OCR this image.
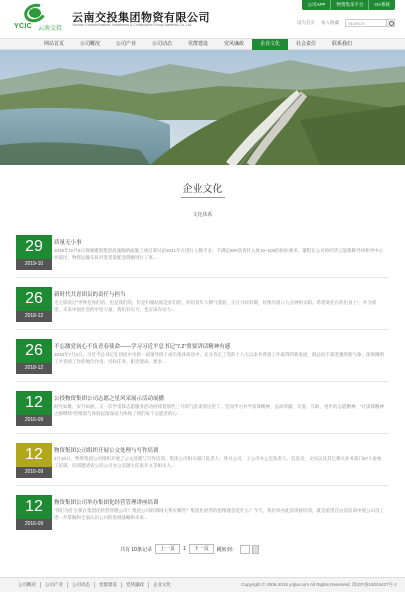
YCIC 云南交投
云南交投集团物资有限公司
Yunnan Communications Investment & Construction Group Materials Co.,Ltd.
公司APP	物资集采平台	OA系统
设为首页 加入收藏	SEARCH
网站首页	公司概况	公司产业	公司动态	党群建设	党风廉政	企业文化	社会责任	联系我们
企业文化
文化体系
29
2019-10
质量无小事
2019年10月8日滇缅建筑集团高速路路面施工项目部讨论2021年在进行人数不多，不满足90#沥青针入度10~100的指标要求，董程在公司协同华云道保障导体和导中心并提出，物资运输车队对发货发配送资额进行了查...
26
2018-12
新时代共青团员的责任与担当
毛主席说过“世界是你们的，也是我们的，但是归根结底是你们的。你们青年人朝气蓬勃，正在兴旺时期，好像早晨八九点钟的太阳。希望寄托在你们身上”，作为希望，未来中国社会的中坚力量，我们有压力，也应该有动力...
26
2018-12
不忘激党初心不负青春使命——学习习近平总书记“7.2”重要讲话精神有感
2018年7月2日，习近平总书记在同团中央新一届领导班子成员集体谈话中，充分肯定了党的十八大以来共青团工作取得的新发展，既总结千部坚强的新气象；深刻阐明了共青团工作的地位作用、目标任务、职责使命、要求...
12
2016-09
公投物资集团公司志愿之星风采展示活动展播
时光如歌，岁月如流，又一次学雷锋志愿服务活动持续着那些三月的气息来到这里了。坚而学习并学雷锋精神，弘扬奉献、友爱、互助、进步的志愿精神，“让雷锋精神之路继续”的集情与体验起深深动力体现了我们每个志愿者的心...
12
2016-09
物资集团公司组织开展公文处理与写作培训
3月10日，物资集团公司组织开展了公文处理与写作培训。集团公司相关部门负责人、各分公司、子公司办公室负责人、信息员、文员以及其它相关业务部门87人参加了培训。培训邀请省公投公司办公室副主任张开文等相关人...
12
2016-09
物资集团公司举办集团化经营管理讲座培训
“我们为什么要在集团化经营管理公司？集团公司的领域关系有哪些？集团化经营的思维理念是什么？今天，我们举办此次讲座培训，就是希望在这次培训中使公司员工进一步掌握和全面认识公司的发展战略和未来...
共有 10条记录	上一页	1	下一页	跳转到：
公司概况	公司产业	公司动态	党群建设	党风廉政	企业文化	Copyright © 2006-2018 ynjtw.com All Rights Reserved. 滇ICP备15004427号-1
